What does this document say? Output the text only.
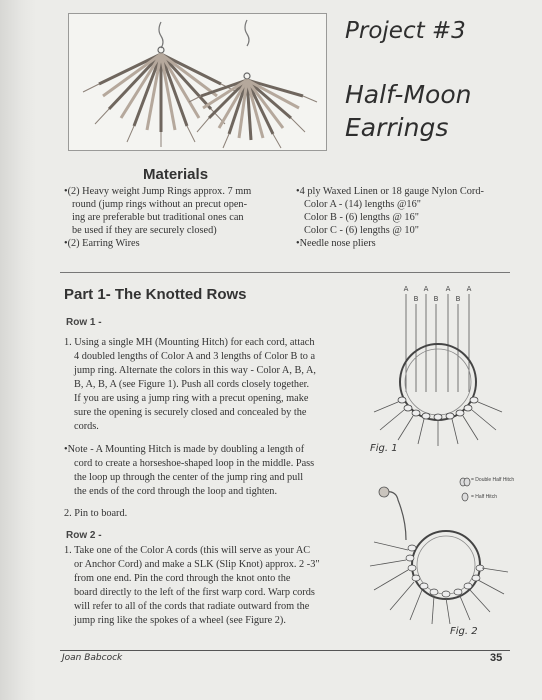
Project #3
Half-Moon
Earrings
Materials
•(2) Heavy weight Jump Rings approx. 7 mm
round (jump rings without an precut open-
ing are preferable but traditional ones can
be used if they are securely closed)
•(2) Earring Wires
•4 ply Waxed Linen or 18 gauge Nylon Cord-
Color A - (14) lengths @16"
Color B - (6) lengths @ 16"
Color C - (6) lengths @ 10"
•Needle nose pliers
Part 1- The Knotted Rows
Row 1 -
1. Using a single MH (Mounting Hitch) for each cord, attach
4 doubled lengths of Color A and 3 lengths of Color B to a
jump ring. Alternate the colors in this way - Color A, B, A,
B, A, B, A (see Figure 1). Push all cords closely together.
If you are using a jump ring with a precut opening, make
sure the opening is securely closed and concealed by the
cords.
•Note - A Mounting Hitch is made by doubling a length of
cord to create a horseshoe-shaped loop in the middle. Pass
the loop up through the center of the jump ring and pull
the ends of the cord through the loop and tighten.
2. Pin to board.
Row 2 -
1. Take one of the Color A cords (this will serve as your AC
or Anchor Cord) and make a SLK (Slip Knot) approx. 2 -3"
from one end. Pin the cord through the knot onto the
board directly to the left of the first warp cord. Warp cords
will refer to all of the cords that radiate outward from the
jump ring like the spokes of a wheel (see Figure 2).
A
B
A
B
A
B
A
Fig. 1
= Double Half Hitch
= Half Hitch
Fig. 2
Joan Babcock	35
